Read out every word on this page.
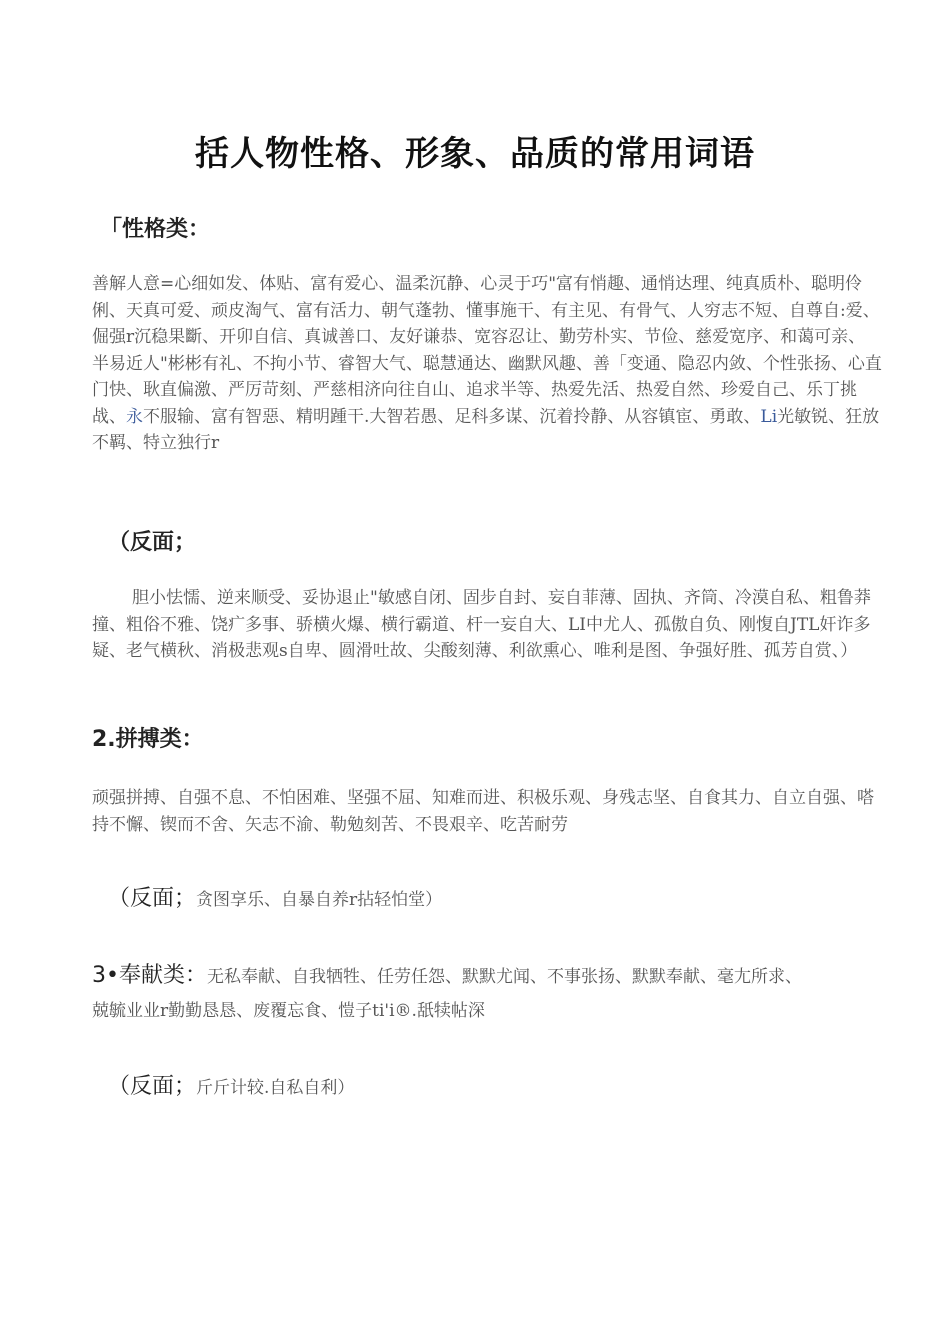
括人物性格、形象、品质的常用词语
「性格类：

善解人意=心细如发、体贴、富有爱心、温柔沉静、心灵于巧"富有悄趣、通悄达理、纯真质朴、聪明伶俐、天真可爱、顽皮淘气、富有活力、朝气蓬勃、懂事施干、有主见、有骨气、人穷志不短、自尊自:爱、倔强r沉稳果斷、开卯自信、真诚善口、友好谦恭、宽容忍让、勤劳朴实、节俭、慈爱宽序、和蔼可亲、半易近人"彬彬有礼、不拘小节、睿智大气、聪慧通达、幽默风趣、善「变通、隐忍内敛、个性张扬、心直门快、耿直偏激、严厉苛刻、严慈相济向往自山、追求半等、热爱先活、热爱自然、珍爱自己、乐丁挑战、永不服输、富有智惡、精明踵干.大智若愚、足科多谋、沉着拎静、从容镇宦、勇敢、Li光敏锐、狂放不羁、特立独行r

（反面；

胆小怯懦、逆来顺受、妥协退止"敏感自闭、固步自封、妄自菲薄、固执、齐筒、冷漠自私、粗鲁莽撞、粗俗不雅、饶疒多事、骄横火爆、横行霸道、杆一妄自大、LI中尤人、孤傲自负、刚愎自JTL奸诈多疑、老气横秋、消极悲观s自卑、圆滑吐故、尖酸刻薄、利欲熏心、唯利是图、争强好胜、孤芳自赏、）

2.拼搏类：

顽强拼搏、自强不息、不怕困难、坚强不屈、知难而进、积极乐观、身残志坚、自食其力、自立自强、嗒持不懈、锲而不舍、矢志不渝、勒勉刻苦、不畏艰辛、吃苦耐劳

（反面；贪图享乐、自暴自养r拈轻怕堂）
3•奉献类：无私奉献、自我牺牲、任劳任怨、默默尤闻、不事张扬、默默奉献、毫尢所求、

兢毓业业r勤勤恳恳、废覆忘食、愷子ti'i®.舐犊帖深

（反面；斤斤计较.自私自利）
